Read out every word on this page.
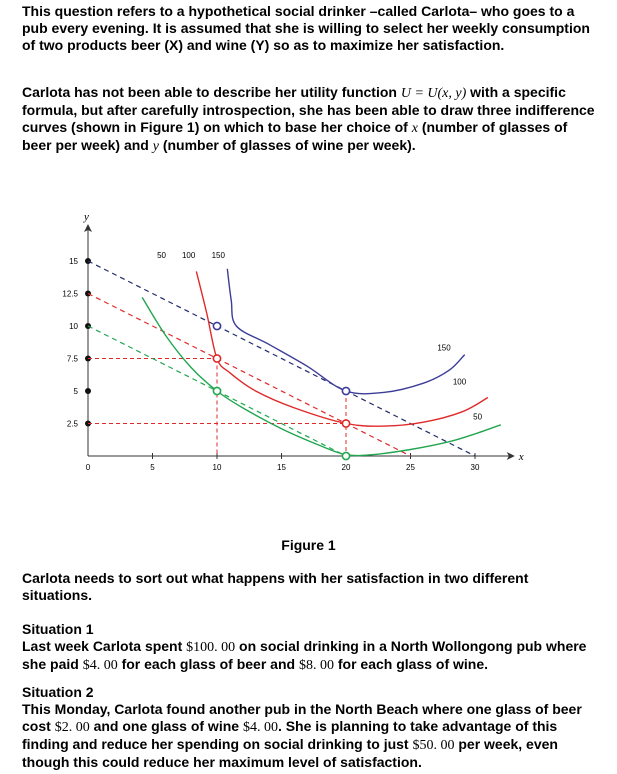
This question refers to a hypothetical social drinker –called Carlota– who goes to a pub every evening. It is assumed that she is willing to select her weekly consumption of two products beer (X) and wine (Y) so as to maximize her satisfaction.

Carlota has not been able to describe her utility function U = U(x, y) with a specific formula, but after carefully introspection, she has been able to draw three indifference curves (shown in Figure 1) on which to base her choice of x (number of glasses of beer per week) and y (number of glasses of wine per week).

x
y
2.5
5
7.5
10
12.5
15
0	5	10	15	20	25	30
50 100 150
50
100
150
Figure 1

Carlota needs to sort out what happens with her satisfaction in two different situations.

Situation 1
Last week Carlota spent $100. 00 on social drinking in a North Wollongong pub where she paid $4. 00 for each glass of beer and $8. 00 for each glass of wine.

Situation 2
This Monday, Carlota found another pub in the North Beach where one glass of beer cost $2. 00 and one glass of wine $4. 00. She is planning to take advantage of this finding and reduce her spending on social drinking to just $50. 00 per week, even though this could reduce her maximum level of satisfaction.
